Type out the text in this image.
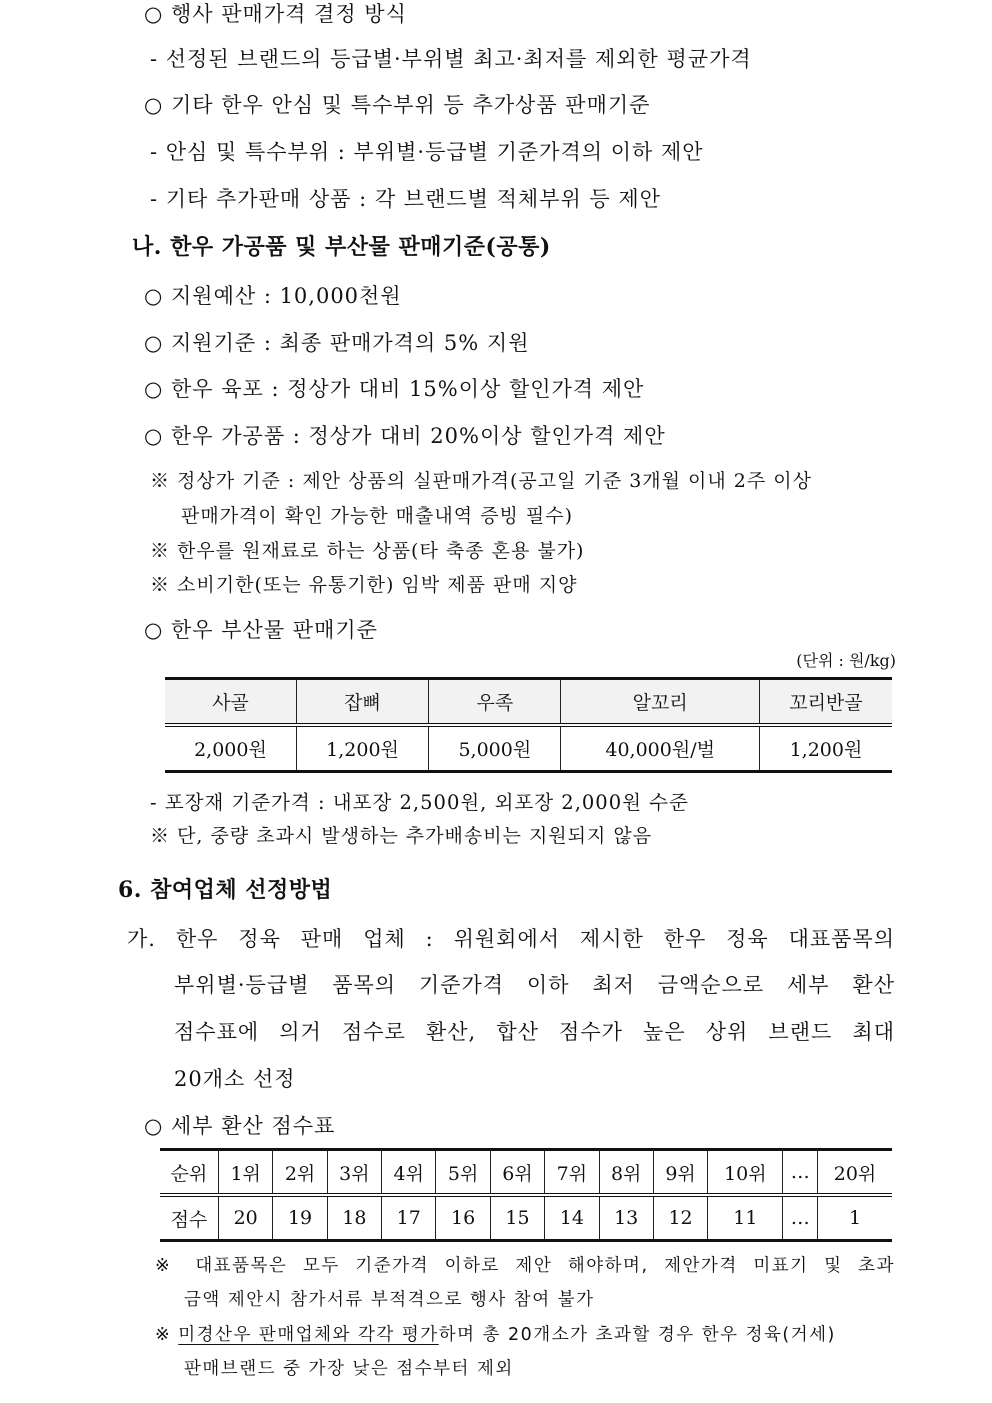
○ 행사 판매가격 결정 방식
- 선정된 브랜드의 등급별·부위별 최고·최저를 제외한 평균가격
○ 기타 한우 안심 및 특수부위 등 추가상품 판매기준
- 안심 및 특수부위 : 부위별·등급별 기준가격의 이하 제안
- 기타 추가판매 상품 : 각 브랜드별 적체부위 등 제안
나. 한우 가공품 및 부산물 판매기준(공통)
○ 지원예산 : 10,000천원
○ 지원기준 : 최종 판매가격의 5% 지원
○ 한우 육포 : 정상가 대비 15%이상 할인가격 제안
○ 한우 가공품 : 정상가 대비 20%이상 할인가격 제안
※ 정상가 기준 : 제안 상품의 실판매가격(공고일 기준 3개월 이내 2주 이상
판매가격이 확인 가능한 매출내역 증빙 필수)
※ 한우를 원재료로 하는 상품(타 축종 혼용 불가)
※ 소비기한(또는 유통기한) 임박 제품 판매 지양
○ 한우 부산물 판매기준
(단위 : 원/kg)
사골	잡뼈	우족	알꼬리	꼬리반골
2,000원	1,200원	5,000원	40,000원/벌	1,200원
- 포장재 기준가격 : 내포장 2,500원, 외포장 2,000원 수준
※ 단, 중량 초과시 발생하는 추가배송비는 지원되지 않음
6. 참여업체 선정방법
가. 한우 정육 판매 업체 : 위원회에서 제시한 한우 정육 대표품목의
부위별·등급별 품목의 기준가격 이하 최저 금액순으로 세부 환산
점수표에 의거 점수로 환산, 합산 점수가 높은 상위 브랜드 최대
20개소 선정
○ 세부 환산 점수표
순위	1위	2위	3위	4위	5위	6위	7위	8위	9위	10위	…	20위
점수	20	19	18	17	16	15	14	13	12	11	…	1
※ 대표품목은 모두 기준가격 이하로 제안 해야하며, 제안가격 미표기 및 초과
금액 제안시 참가서류 부적격으로 행사 참여 불가
※ 미경산우 판매업체와 각각 평가하며 총 20개소가 초과할 경우 한우 정육(거세)
판매브랜드 중 가장 낮은 점수부터 제외
